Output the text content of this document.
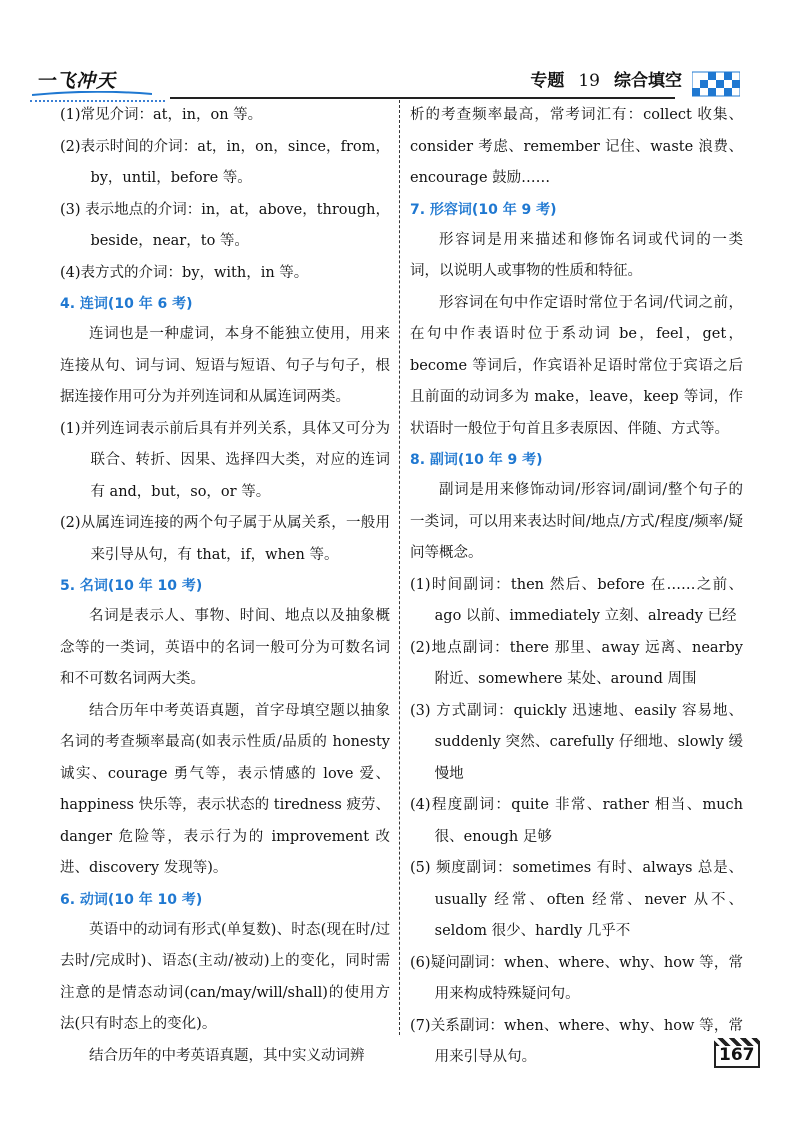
一飞冲天	专题 19 综合填空

(1)常见介词：at，in，on 等。

(2)表示时间的介词：at，in，on，since，from，by，until，before 等。

(3) 表示地点的介词：in，at，above，through，beside，near，to 等。

(4)表方式的介词：by，with，in 等。

4. 连词(10 年 6 考)

连词也是一种虚词，本身不能独立使用，用来连接从句、词与词、短语与短语、句子与句子，根据连接作用可分为并列连词和从属连词两类。

(1)并列连词表示前后具有并列关系，具体又可分为联合、转折、因果、选择四大类，对应的连词有 and，but，so，or 等。

(2)从属连词连接的两个句子属于从属关系，一般用来引导从句，有 that，if，when 等。

5. 名词(10 年 10 考)

名词是表示人、事物、时间、地点以及抽象概念等的一类词，英语中的名词一般可分为可数名词和不可数名词两大类。

结合历年中考英语真题，首字母填空题以抽象名词的考查频率最高(如表示性质/品质的 honesty 诚实、courage 勇气等，表示情感的 love 爱、happiness 快乐等，表示状态的 tiredness 疲劳、danger 危险等，表示行为的 improvement 改进、discovery 发现等)。

6. 动词(10 年 10 考)

英语中的动词有形式(单复数)、时态(现在时/过去时/完成时)、语态(主动/被动)上的变化，同时需注意的是情态动词(can/may/will/shall)的使用方法(只有时态上的变化)。

结合历年的中考英语真题，其中实义动词辨

析的考查频率最高，常考词汇有：collect 收集、consider 考虑、remember 记住、waste 浪费、encourage 鼓励……

7. 形容词(10 年 9 考)

形容词是用来描述和修饰名词或代词的一类词，以说明人或事物的性质和特征。

形容词在句中作定语时常位于名词/代词之前，在句中作表语时位于系动词 be，feel，get，become 等词后，作宾语补足语时常位于宾语之后且前面的动词多为 make，leave，keep 等词，作状语时一般位于句首且多表原因、伴随、方式等。

8. 副词(10 年 9 考)

副词是用来修饰动词/形容词/副词/整个句子的一类词，可以用来表达时间/地点/方式/程度/频率/疑问等概念。

(1)时间副词：then 然后、before 在……之前、ago 以前、immediately 立刻、already 已经

(2)地点副词：there 那里、away 远离、nearby 附近、somewhere 某处、around 周围

(3) 方式副词：quickly 迅速地、easily 容易地、suddenly 突然、carefully 仔细地、slowly 缓慢地

(4)程度副词：quite 非常、rather 相当、much 很、enough 足够

(5) 频度副词：sometimes 有时、always 总是、usually 经常、often 经常、never 从不、seldom 很少、hardly 几乎不

(6)疑问副词：when、where、why、how 等，常用来构成特殊疑问句。

(7)关系副词：when、where、why、how 等，常用来引导从句。	167
